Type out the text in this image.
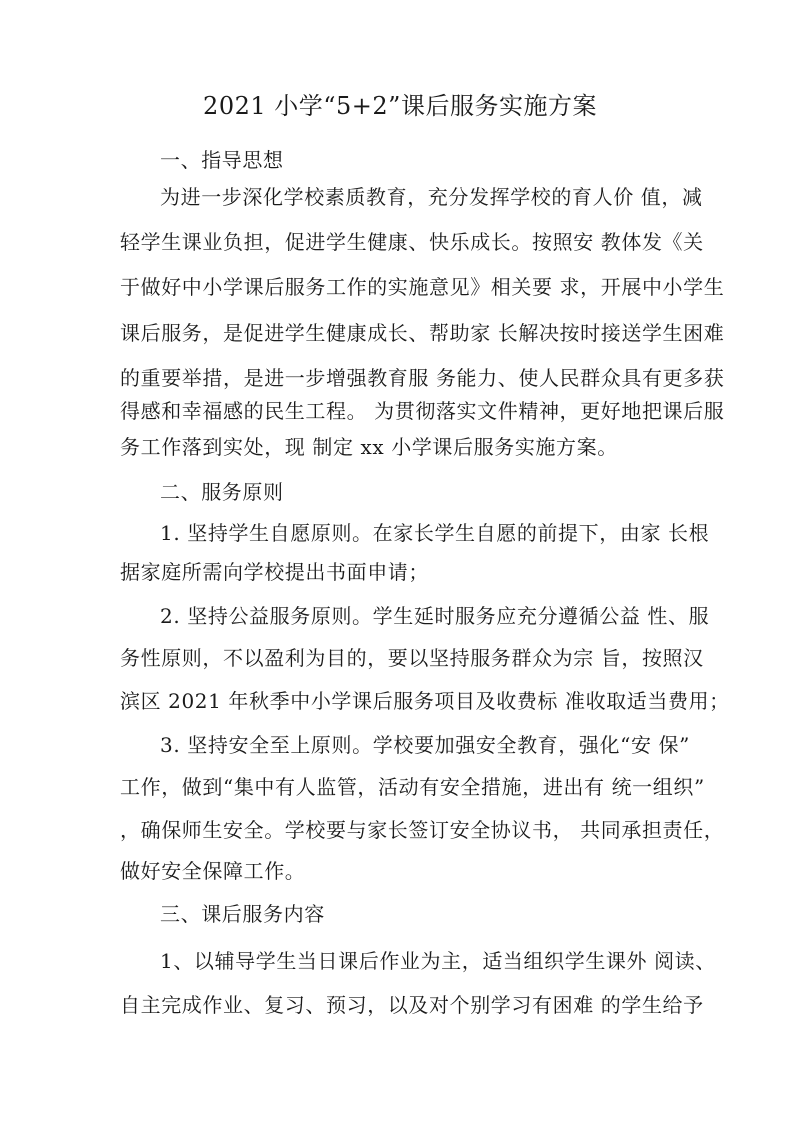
2021 小学“5+2”课后服务实施方案
一、指导思想
为进一步深化学校素质教育，充分发挥学校的育人价 值，减
轻学生课业负担，促进学生健康、快乐成长。按照安 教体发《关
于做好中小学课后服务工作的实施意见》相关要 求，开展中小学生
课后服务，是促进学生健康成长、帮助家 长解决按时接送学生困难
的重要举措，是进一步增强教育服 务能力、使人民群众具有更多获
得感和幸福感的民生工程。 为贯彻落实文件精神，更好地把课后服
务工作落到实处，现 制定 xx 小学课后服务实施方案。
二、服务原则
1. 坚持学生自愿原则。在家长学生自愿的前提下，由家 长根
据家庭所需向学校提出书面申请；
2. 坚持公益服务原则。学生延时服务应充分遵循公益 性、服
务性原则，不以盈利为目的，要以坚持服务群众为宗 旨，按照汉
滨区 2021 年秋季中小学课后服务项目及收费标 准收取适当费用；
3. 坚持安全至上原则。学校要加强安全教育，强化“安 保”
工作，做到“集中有人监管，活动有安全措施，进出有 统一组织”
，确保师生安全。学校要与家长签订安全协议书， 共同承担责任，
做好安全保障工作。
三、课后服务内容
1、以辅导学生当日课后作业为主，适当组织学生课外 阅读、
自主完成作业、复习、预习，以及对个别学习有困难 的学生给予
